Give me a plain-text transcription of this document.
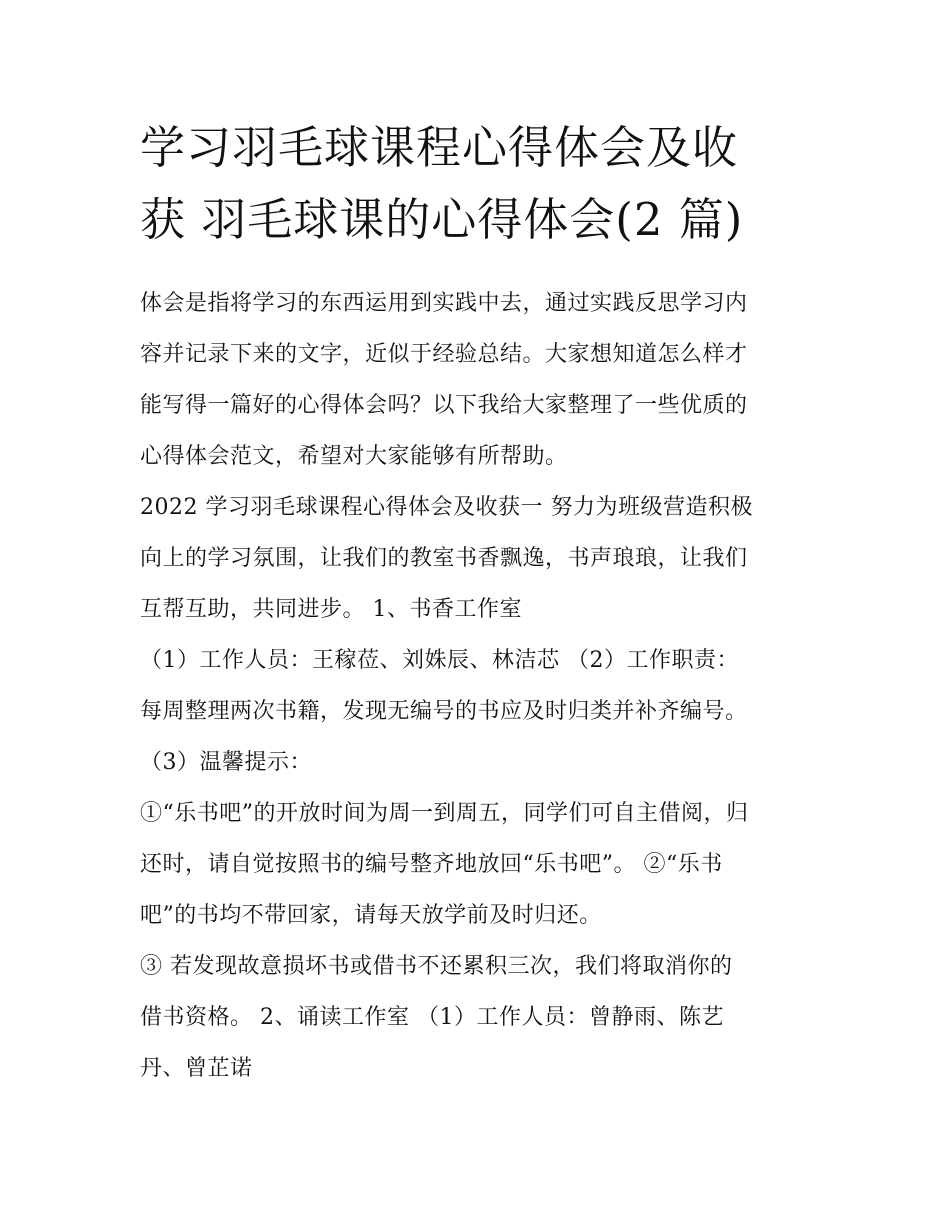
学习羽毛球课程心得体会及收
获 羽毛球课的心得体会(2 篇)

体会是指将学习的东西运用到实践中去，通过实践反思学习内
容并记录下来的文字，近似于经验总结。大家想知道怎么样才
能写得一篇好的心得体会吗？以下我给大家整理了一些优质的
心得体会范文，希望对大家能够有所帮助。

2022 学习羽毛球课程心得体会及收获一 努力为班级营造积极
向上的学习氛围，让我们的教室书香飘逸，书声琅琅，让我们
互帮互助，共同进步。 1、书香工作室

（1）工作人员：王稼莅、刘姝辰、林洁芯 （2）工作职责：
每周整理两次书籍，发现无编号的书应及时归类并补齐编号。
（3）温馨提示：

①“乐书吧”的开放时间为周一到周五，同学们可自主借阅，归
还时，请自觉按照书的编号整齐地放回“乐书吧”。 ②“乐书
吧”的书均不带回家，请每天放学前及时归还。

③ 若发现故意损坏书或借书不还累积三次，我们将取消你的
借书资格。 2、诵读工作室 （1）工作人员：曾静雨、陈艺
丹、曾芷诺
